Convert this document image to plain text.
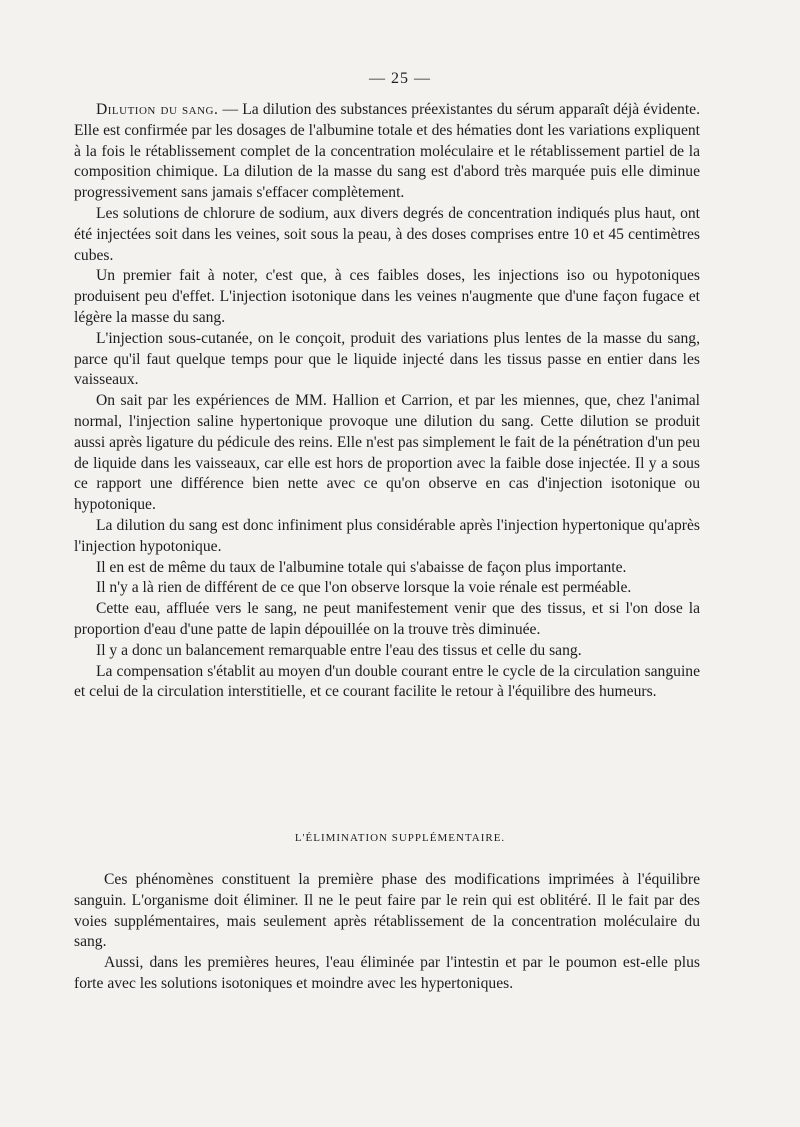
— 25 —

Dilution du sang. — La dilution des substances préexistantes du sérum apparaît déjà évidente. Elle est confirmée par les dosages de l'albumine totale et des hématies dont les variations expliquent à la fois le rétablissement complet de la concentration moléculaire et le rétablissement partiel de la composition chimique. La dilution de la masse du sang est d'abord très marquée puis elle diminue progressivement sans jamais s'effacer complètement.

Les solutions de chlorure de sodium, aux divers degrés de concentration indiqués plus haut, ont été injectées soit dans les veines, soit sous la peau, à des doses comprises entre 10 et 45 centimètres cubes.

Un premier fait à noter, c'est que, à ces faibles doses, les injections iso ou hypotoniques produisent peu d'effet. L'injection isotonique dans les veines n'augmente que d'une façon fugace et légère la masse du sang.

L'injection sous-cutanée, on le conçoit, produit des variations plus lentes de la masse du sang, parce qu'il faut quelque temps pour que le liquide injecté dans les tissus passe en entier dans les vaisseaux.

On sait par les expériences de MM. Hallion et Carrion, et par les miennes, que, chez l'animal normal, l'injection saline hypertonique provoque une dilution du sang. Cette dilution se produit aussi après ligature du pédicule des reins. Elle n'est pas simplement le fait de la pénétration d'un peu de liquide dans les vaisseaux, car elle est hors de proportion avec la faible dose injectée. Il y a sous ce rapport une différence bien nette avec ce qu'on observe en cas d'injection isotonique ou hypotonique.

La dilution du sang est donc infiniment plus considérable après l'injection hypertonique qu'après l'injection hypotonique.

Il en est de même du taux de l'albumine totale qui s'abaisse de façon plus importante.

Il n'y a là rien de différent de ce que l'on observe lorsque la voie rénale est perméable.

Cette eau, affluée vers le sang, ne peut manifestement venir que des tissus, et si l'on dose la proportion d'eau d'une patte de lapin dépouillée on la trouve très diminuée.

Il y a donc un balancement remarquable entre l'eau des tissus et celle du sang.

La compensation s'établit au moyen d'un double courant entre le cycle de la circulation sanguine et celui de la circulation interstitielle, et ce courant facilite le retour à l'équilibre des humeurs.

L'ÉLIMINATION SUPPLÉMENTAIRE.

Ces phénomènes constituent la première phase des modifications imprimées à l'équilibre sanguin. L'organisme doit éliminer. Il ne le peut faire par le rein qui est oblitéré. Il le fait par des voies supplémentaires, mais seulement après rétablissement de la concentration moléculaire du sang.

Aussi, dans les premières heures, l'eau éliminée par l'intestin et par le poumon est-elle plus forte avec les solutions isotoniques et moindre avec les hypertoniques.
